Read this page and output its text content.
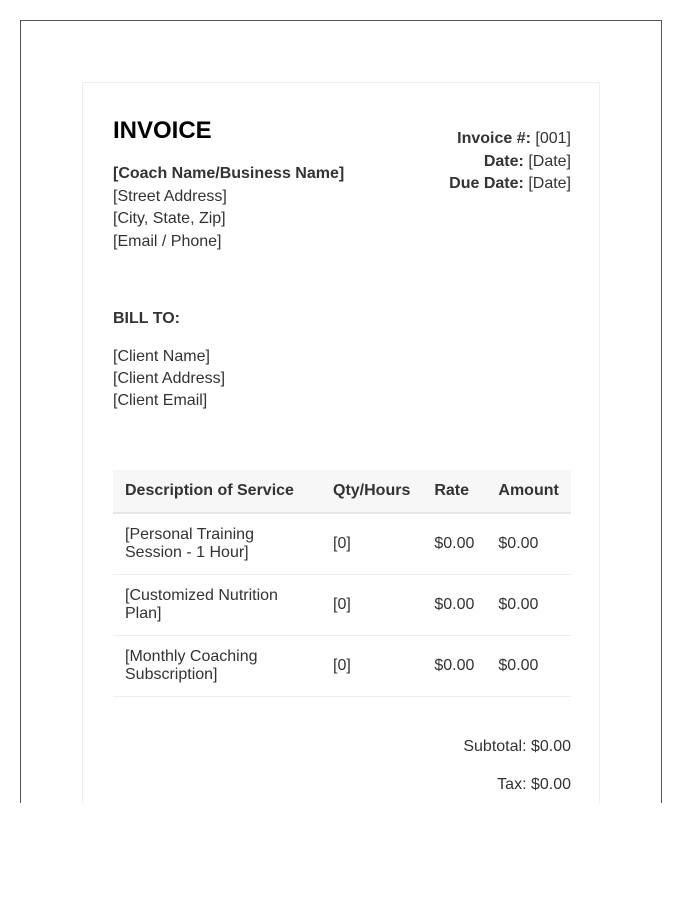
INVOICE
[Coach Name/Business Name]
[Street Address]
[City, State, Zip]
[Email / Phone]
Invoice #: [001]
Date: [Date]
Due Date: [Date]
BILL TO:
[Client Name]
[Client Address]
[Client Email]
Description of Service	Qty/Hours	Rate	Amount
[Personal Training Session - 1 Hour]	[0]	$0.00	$0.00
[Customized Nutrition Plan]	[0]	$0.00	$0.00
[Monthly Coaching Subscription]	[0]	$0.00	$0.00
Subtotal: $0.00
Tax: $0.00
